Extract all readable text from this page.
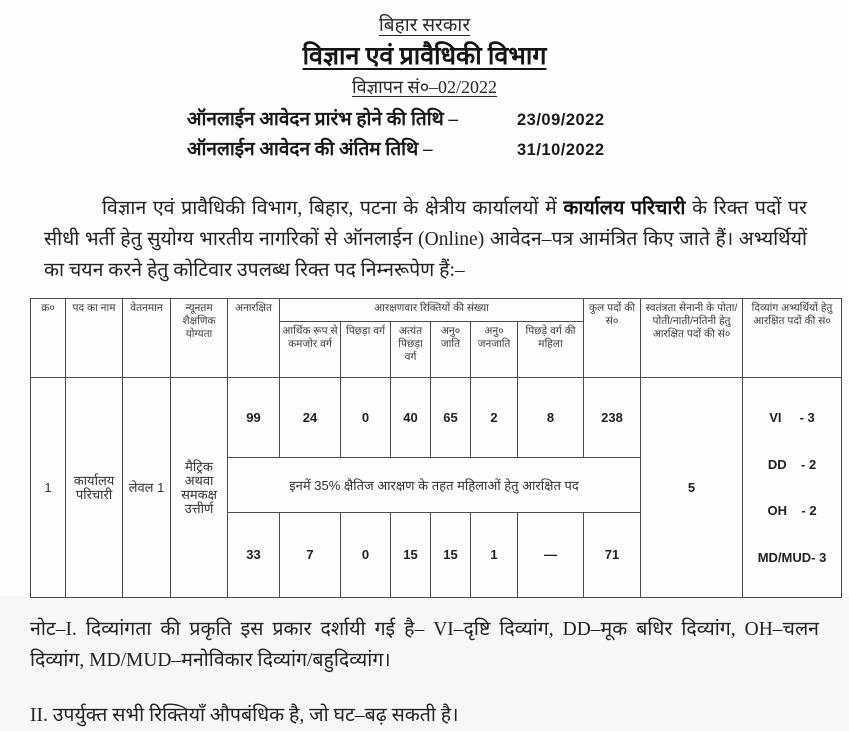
बिहार सरकार
विज्ञान एवं प्रावैधिकी विभाग
विज्ञापन सं०–02/2022
ऑनलाईन आवेदन प्रारंभ होने की तिथि –	23/09/2022
ऑनलाईन आवेदन की अंतिम तिथि –	31/10/2022

विज्ञान एवं प्रावैधिकी विभाग, बिहार, पटना के क्षेत्रीय कार्यालयों में कार्यालय परिचारी के रिक्त पदों पर सीधी भर्ती हेतु सुयोग्य भारतीय नागरिकों से ऑनलाईन (Online) आवेदन–पत्र आमंत्रित किए जाते हैं। अभ्यर्थियों का चयन करने हेतु कोटिवार उपलब्ध रिक्त पद निम्नरूपेण हैं:–

क्र०	पद का नाम	वेतनमान	न्यूनतम शैक्षणिक योग्यता	अनारक्षित	आरक्षणवार रिक्तियों की संख्या						कुल पदों की सं०	स्वतंत्रता सेनानी के पोता/पोती/नाती/नतिनी हेतु आरक्षित पदों की सं०	दिव्यांग अभ्यर्थियों हेतु आरक्षित पदों की सं०
					आर्थिक रूप से कमजोर वर्ग	पिछड़ा वर्ग	अत्यंत पिछड़ा वर्ग	अनु० जाति	अनु० जनजाति	पिछड़े वर्ग की महिला			
1	कार्यालय परिचारी	लेवल 1	मैट्रिक अथवा समकक्ष उत्तीर्ण	99	24	0	40	65	2	8	238	5	VI     - 3

DD    - 2

OH    - 2

MD/MUD- 3

				इनमें 35% क्षैतिज आरक्षण के तहत महिलाओं हेतु आरक्षित पद									
				33	7	0	15	15	1	—	71		
नोट–I. दिव्यांगता की प्रकृति इस प्रकार दर्शायी गई है– VI–दृष्टि दिव्यांग, DD–मूक बधिर दिव्यांग, OH–चलन दिव्यांग, MD/MUD–मनोविकार दिव्यांग/बहुदिव्यांग।
II. उपर्युक्त सभी रिक्तियाँ औपबंधिक है, जो घट–बढ़ सकती है।
